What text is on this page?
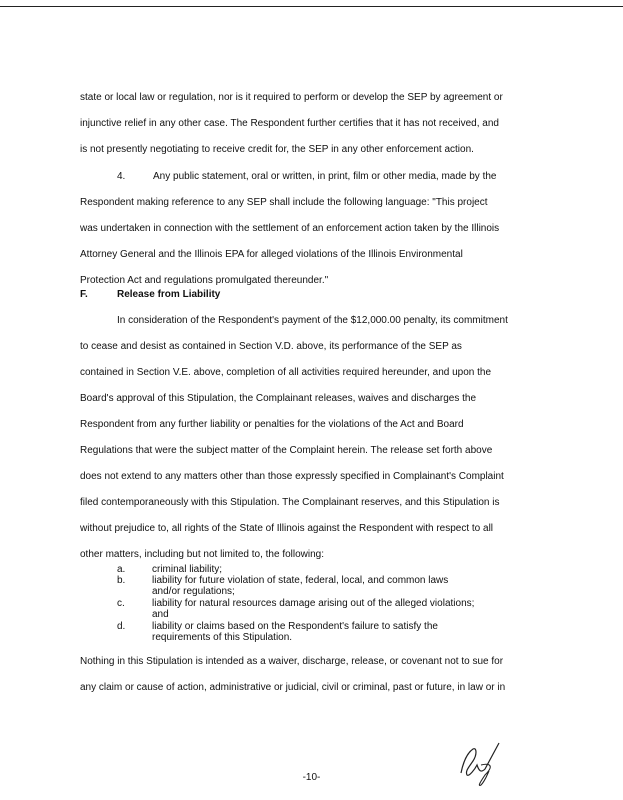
state or local law or regulation, nor is it required to perform or develop the SEP by agreement or
injunctive relief in any other case. The Respondent further certifies that it has not received, and
is not presently negotiating to receive credit for, the SEP in any other enforcement action.
4.	Any public statement, oral or written, in print, film or other media, made by the
Respondent making reference to any SEP shall include the following language: "This project
was undertaken in connection with the settlement of an enforcement action taken by the Illinois
Attorney General and the Illinois EPA for alleged violations of the Illinois Environmental
Protection Act and regulations promulgated thereunder."
F.	Release from Liability
In consideration of the Respondent's payment of the $12,000.00 penalty, its commitment
to cease and desist as contained in Section V.D. above, its performance of the SEP as
contained in Section V.E. above, completion of all activities required hereunder, and upon the
Board's approval of this Stipulation, the Complainant releases, waives and discharges the
Respondent from any further liability or penalties for the violations of the Act and Board
Regulations that were the subject matter of the Complaint herein. The release set forth above
does not extend to any matters other than those expressly specified in Complainant's Complaint
filed contemporaneously with this Stipulation. The Complainant reserves, and this Stipulation is
without prejudice to, all rights of the State of Illinois against the Respondent with respect to all
other matters, including but not limited to, the following:
a.	criminal liability;
b.	liability for future violation of state, federal, local, and common laws
and/or regulations;
c.	liability for natural resources damage arising out of the alleged violations;
and
d.	liability or claims based on the Respondent's failure to satisfy the
requirements of this Stipulation.
Nothing in this Stipulation is intended as a waiver, discharge, release, or covenant not to sue for
any claim or cause of action, administrative or judicial, civil or criminal, past or future, in law or in
-10-
